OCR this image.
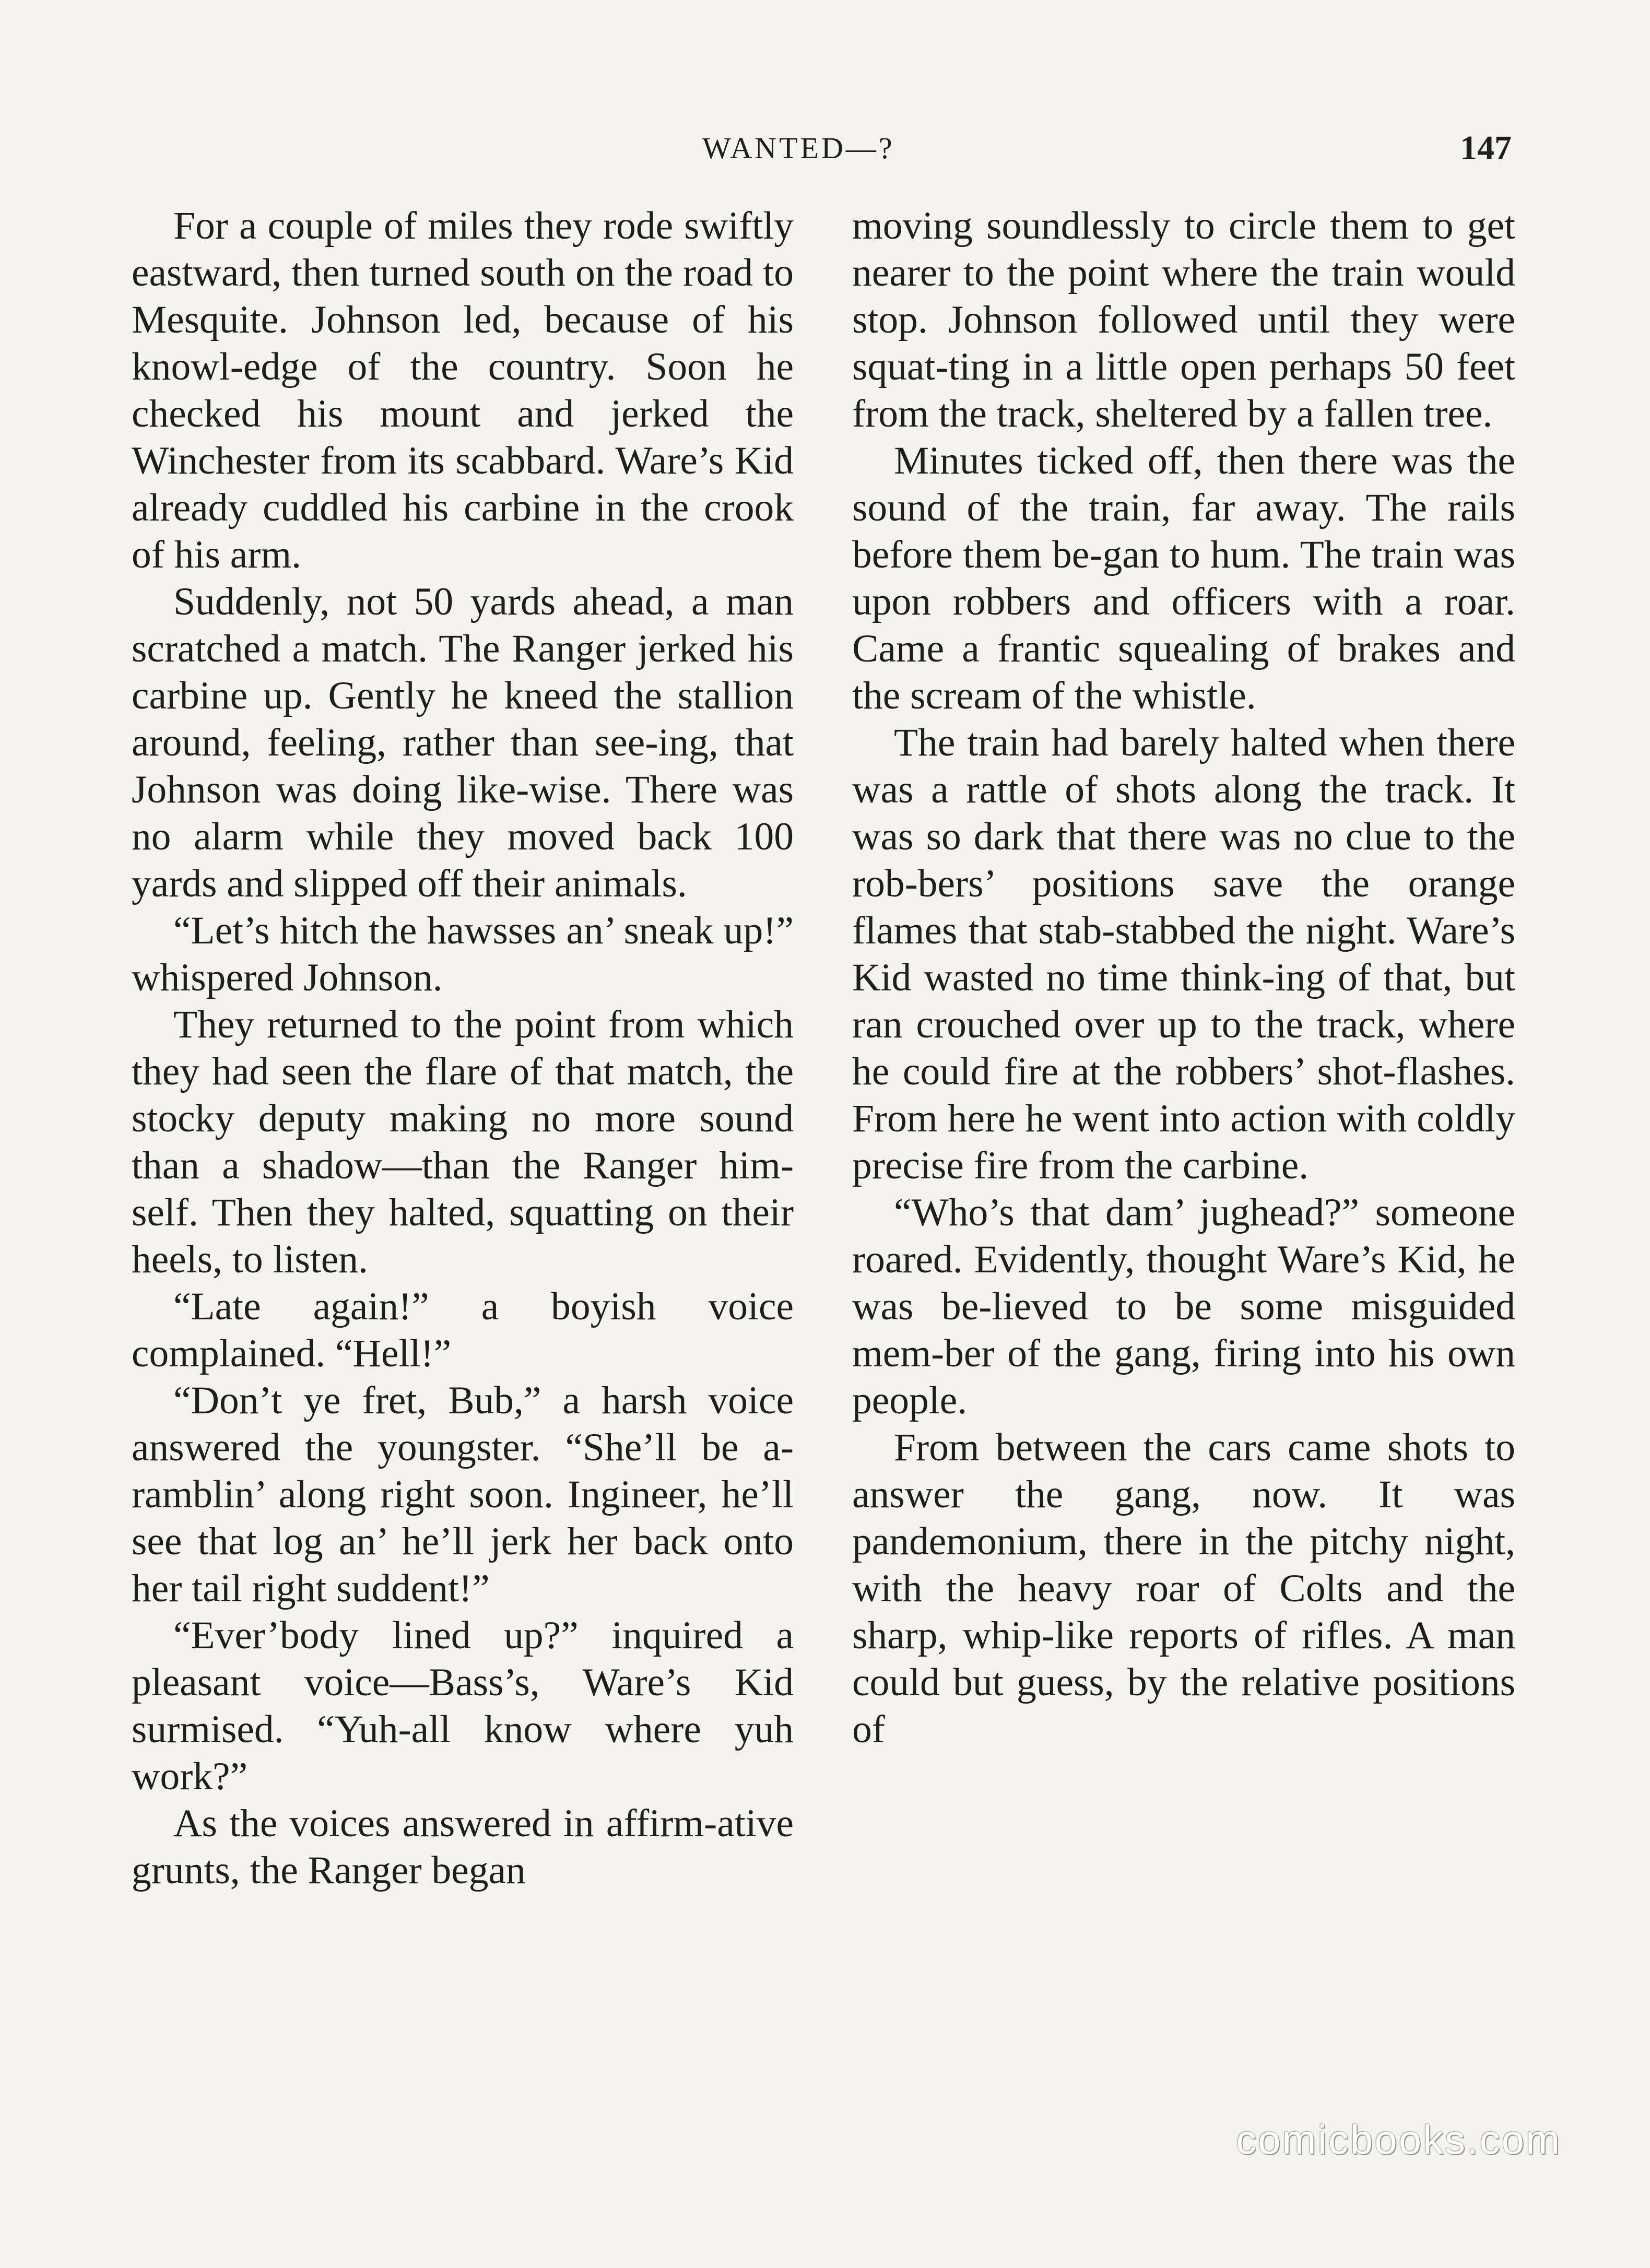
WANTED—?	147

For a couple of miles they rode swiftly eastward, then turned south on the road to Mesquite. Johnson led, because of his knowl-edge of the country. Soon he checked his mount and jerked the Winchester from its scabbard. Ware’s Kid already cuddled his carbine in the crook of his arm.

Suddenly, not 50 yards ahead, a man scratched a match. The Ranger jerked his carbine up. Gently he kneed the stallion around, feeling, rather than see-ing, that Johnson was doing like-wise. There was no alarm while they moved back 100 yards and slipped off their animals.

“Let’s hitch the hawsses an’ sneak up!” whispered Johnson.

They returned to the point from which they had seen the flare of that match, the stocky deputy making no more sound than a shadow—than the Ranger him-self. Then they halted, squatting on their heels, to listen.

“Late again!” a boyish voice complained. “Hell!”

“Don’t ye fret, Bub,” a harsh voice answered the youngster. “She’ll be a-ramblin’ along right soon. Ingineer, he’ll see that log an’ he’ll jerk her back onto her tail right suddent!”

“Ever’body lined up?” inquired a pleasant voice—Bass’s, Ware’s Kid surmised. “Yuh-all know where yuh work?”

As the voices answered in affirm-ative grunts, the Ranger began

moving soundlessly to circle them to get nearer to the point where the train would stop. Johnson followed until they were squat-ting in a little open perhaps 50 feet from the track, sheltered by a fallen tree.

Minutes ticked off, then there was the sound of the train, far away. The rails before them be-gan to hum. The train was upon robbers and officers with a roar. Came a frantic squealing of brakes and the scream of the whistle.

The train had barely halted when there was a rattle of shots along the track. It was so dark that there was no clue to the rob-bers’ positions save the orange flames that stab-stabbed the night. Ware’s Kid wasted no time think-ing of that, but ran crouched over up to the track, where he could fire at the robbers’ shot-flashes. From here he went into action with coldly precise fire from the carbine.

“Who’s that dam’ jughead?” someone roared. Evidently, thought Ware’s Kid, he was be-lieved to be some misguided mem-ber of the gang, firing into his own people.

From between the cars came shots to answer the gang, now. It was pandemonium, there in the pitchy night, with the heavy roar of Colts and the sharp, whip-like reports of rifles. A man could but guess, by the relative positions of

comicbooks.com
